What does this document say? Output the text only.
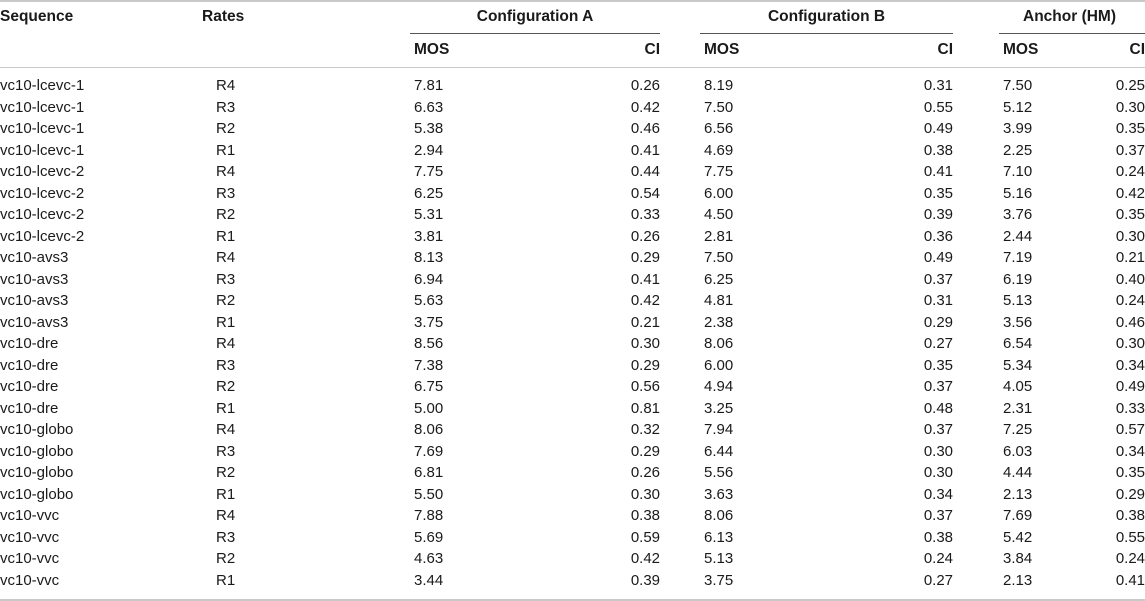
Sequence	Rates		Configuration A			Configuration B			Anchor (HM)
			MOS	CI		MOS	CI		MOS CI
vc10-lcevc-1	R4		7.81	0.26		8.19	0.31		7.50 0.25
vc10-lcevc-1	R3		6.63	0.42		7.50	0.55		5.12 0.30
vc10-lcevc-1	R2		5.38	0.46		6.56	0.49		3.99 0.35
vc10-lcevc-1	R1		2.94	0.41		4.69	0.38		2.25 0.37
vc10-lcevc-2	R4		7.75	0.44		7.75	0.41		7.10 0.24
vc10-lcevc-2	R3		6.25	0.54		6.00	0.35		5.16 0.42
vc10-lcevc-2	R2		5.31	0.33		4.50	0.39		3.76 0.35
vc10-lcevc-2	R1		3.81	0.26		2.81	0.36		2.44 0.30
vc10-avs3	R4		8.13	0.29		7.50	0.49		7.19 0.21
vc10-avs3	R3		6.94	0.41		6.25	0.37		6.19 0.40
vc10-avs3	R2		5.63	0.42		4.81	0.31		5.13 0.24
vc10-avs3	R1		3.75	0.21		2.38	0.29		3.56 0.46
vc10-dre	R4		8.56	0.30		8.06	0.27		6.54 0.30
vc10-dre	R3		7.38	0.29		6.00	0.35		5.34 0.34
vc10-dre	R2		6.75	0.56		4.94	0.37		4.05 0.49
vc10-dre	R1		5.00	0.81		3.25	0.48		2.31 0.33
vc10-globo	R4		8.06	0.32		7.94	0.37		7.25 0.57
vc10-globo	R3		7.69	0.29		6.44	0.30		6.03 0.34
vc10-globo	R2		6.81	0.26		5.56	0.30		4.44 0.35
vc10-globo	R1		5.50	0.30		3.63	0.34		2.13 0.29
vc10-vvc	R4		7.88	0.38		8.06	0.37		7.69 0.38
vc10-vvc	R3		5.69	0.59		6.13	0.38		5.42 0.55
vc10-vvc	R2		4.63	0.42		5.13	0.24		3.84 0.24
vc10-vvc	R1		3.44	0.39		3.75	0.27		2.13 0.41
